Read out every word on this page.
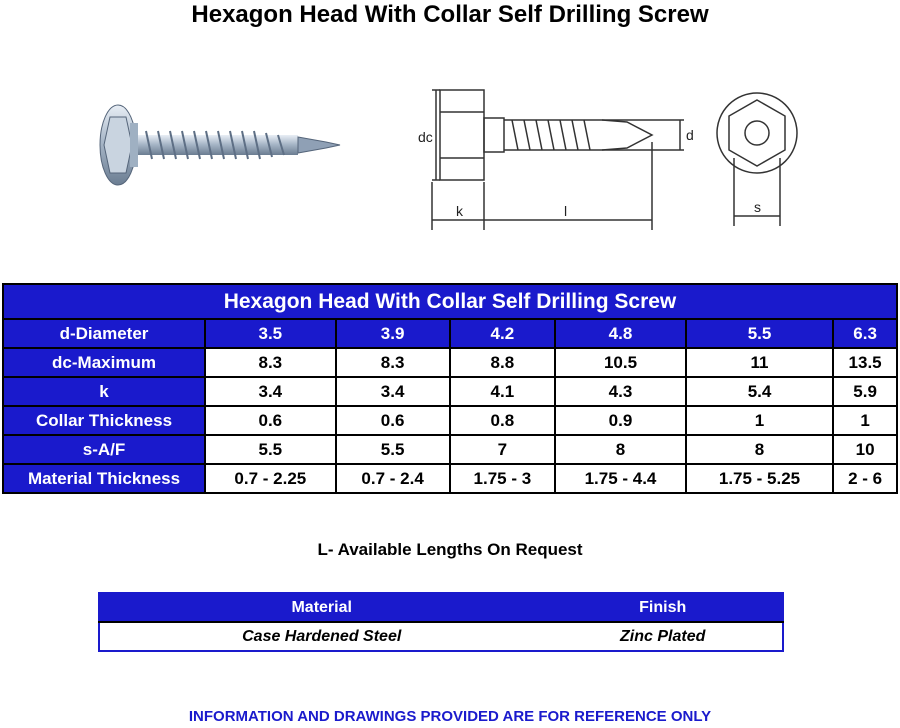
Hexagon Head With Collar Self Drilling Screw
dc	d
k	l	s
Hexagon Head With Collar Self Drilling Screw						
d-Diameter	3.5	3.9	4.2	4.8	5.5	6.3
dc-Maximum	8.3	8.3	8.8	10.5	11	13.5
k	3.4	3.4	4.1	4.3	5.4	5.9
Collar Thickness	0.6	0.6	0.8	0.9	1	1
s-A/F	5.5	5.5	7	8	8	10
Material Thickness	0.7 - 2.25	0.7 - 2.4	1.75 - 3	1.75 - 4.4	1.75 - 5.25	2 - 6
L- Available Lengths On Request
Material	Finish
Case Hardened Steel	Zinc Plated
INFORMATION AND DRAWINGS PROVIDED ARE FOR REFERENCE ONLY
